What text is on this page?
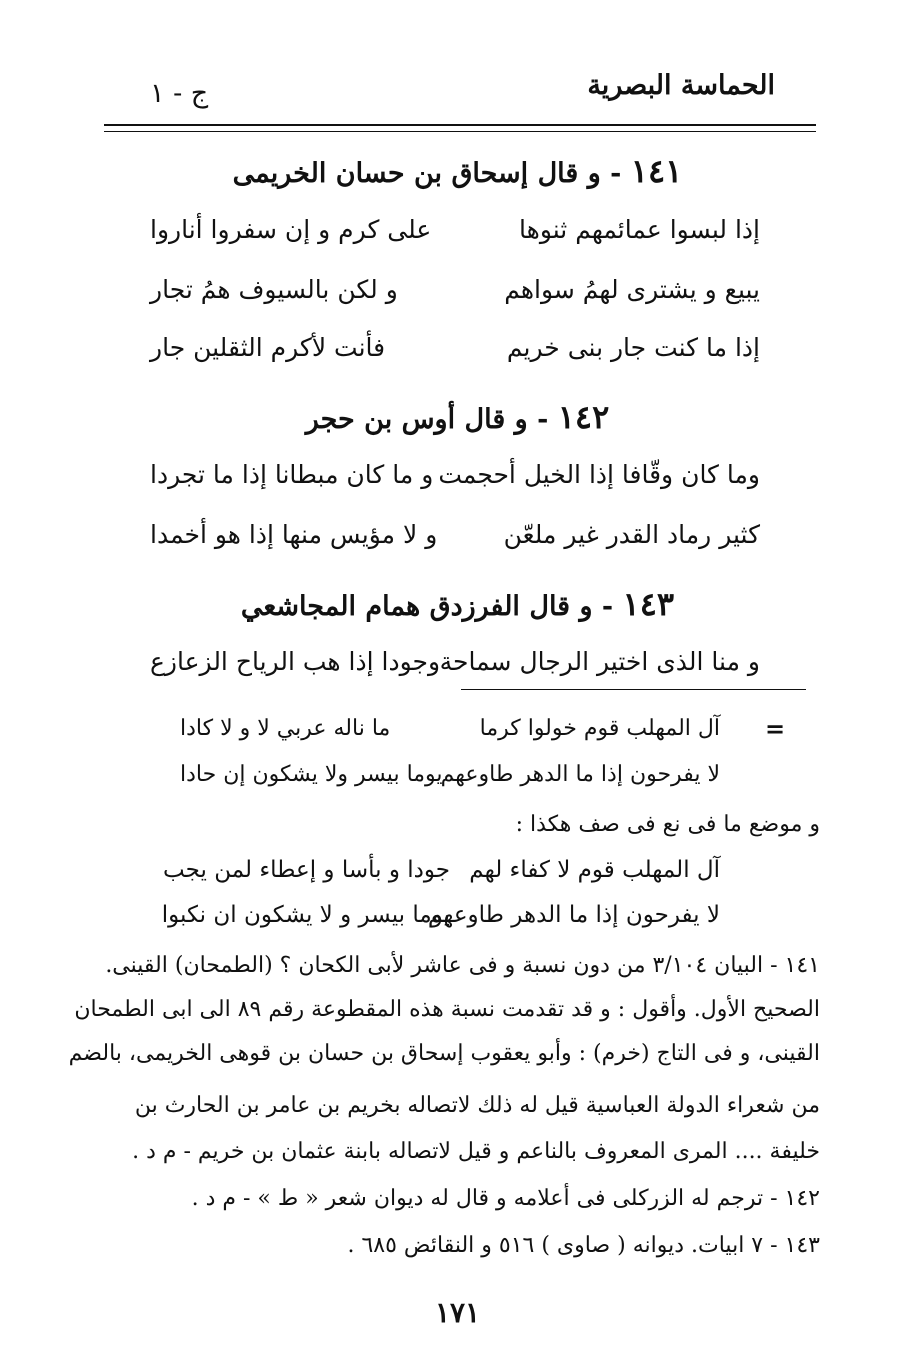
الحماسة البصرية
ج - ١
١٤١ - و قال إسحاق بن حسان الخريمى
إذا لبسوا عمائمهم ثنوها
على كرم و إن سفروا أناروا
يبيع و يشترى لهمُ سواهم
و لكن بالسيوف همُ تجار
إذا ما كنت جار بنى خريم
فأنت لأكرم الثقلين جار
١٤٢ - و قال أوس بن حجر
وما كان وقّافا إذا الخيل أحجمت
و ما كان مبطانا إذا ما تجردا
كثير رماد القدر غير ملعّن
و لا مؤيس منها إذا هو أخمدا
١٤٣ - و قال الفرزدق همام المجاشعي
و منا الذى اختير الرجال سماحة
وجودا إذا هب الرياح الزعازع
=
آل المهلب قوم خولوا كرما
ما ناله عربي لا و لا كادا
لا يفرحون إذا ما الدهر طاوعهم
يوما بيسر ولا يشكون إن حادا
و موضع ما فى نع فى صف هكذا :
آل المهلب قوم لا كفاء لهم
جودا و بأسا و إعطاء لمن يجب
لا يفرحون إذا ما الدهر طاوعهم
يوما بيسر و لا يشكون ان نكبوا
١٤١ - البيان ٣/١٠٤ من دون نسبة و فى عاشر لأبى الكحان ؟ (الطمحان) القينى.
الصحيح الأول. وأقول : و قد تقدمت نسبة هذه المقطوعة رقم ٨٩ الى ابى الطمحان
القينى، و فى التاج (خرم) : وأبو يعقوب إسحاق بن حسان بن قوهى الخريمى، بالضم
من شعراء الدولة العباسية قيل له ذلك لاتصاله بخريم بن عامر بن الحارث بن
خليفة .... المرى المعروف بالناعم و قيل لاتصاله بابنة عثمان بن خريم - م د .
١٤٢ - ترجم له الزركلى فى أعلامه و قال له ديوان شعر « ط » - م د .
١٤٣ - ٧ ابيات. ديوانه ( صاوى ) ٥١٦ و النقائض ٦٨٥ .
١٧١
